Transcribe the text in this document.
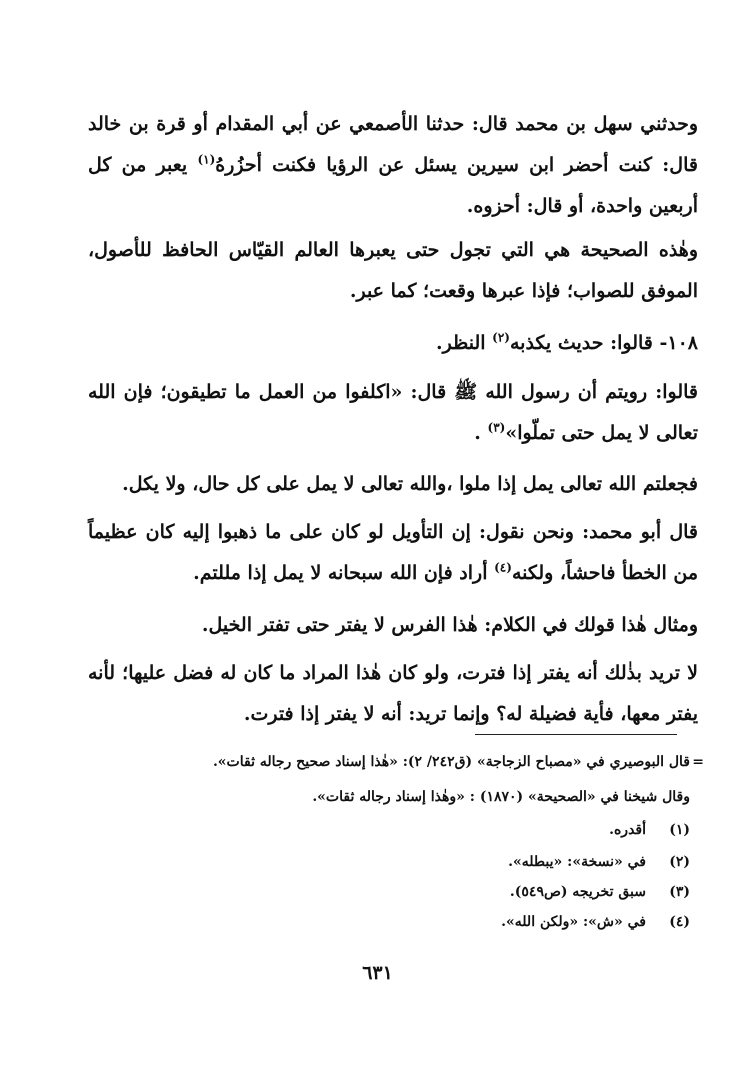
وحدثني سهل بن محمد قال: حدثنا الأصمعي عن أبي المقدام أو قرة بن خالد قال: كنت أحضر ابن سيرين يسئل عن الرؤيا فكنت أحزُرهُ$^{(١)}$ يعبر من كل أربعين واحدة، أو قال: أحزوه.
وهٰذه الصحيحة هي التي تجول حتى يعبرها العالم القيّاس الحافظ للأصول، الموفق للصواب؛ فإذا عبرها وقعت؛ كما عبر.
١٠٨- قالوا: حديث يكذبه$^{(٢)}$ النظر.
قالوا: رويتم أن رسول الله ﷺ قال: «اكلفوا من العمل ما تطيقون؛ فإن الله تعالى لا يمل حتى تملّوا»$^{(٣)}$ .
فجعلتم الله تعالى يمل إذا ملوا ،والله تعالى لا يمل على كل حال، ولا يكل.
قال أبو محمد: ونحن نقول: إن التأويل لو كان على ما ذهبوا إليه كان عظيماً من الخطأ فاحشاً، ولكنه$^{(٤)}$ أراد فإن الله سبحانه لا يمل إذا مللتم.
ومثال هٰذا قولك في الكلام: هٰذا الفرس لا يفتر حتى تفتر الخيل.
لا تريد بذٰلك أنه يفتر إذا فترت، ولو كان هٰذا المراد ما كان له فضل عليها؛ لأنه يفتر معها، فأية فضيلة له؟ وإنما تريد: أنه لا يفتر إذا فترت.
=
قال البوصيري في «مصباح الزجاجة» (ق٢٤٢/ ٢): «هٰذا إسناد صحيح رجاله ثقات».
وقال شيخنا في «الصحيحة» (١٨٧٠) : «وهٰذا إسناد رجاله ثقات».
(١)أقدره.
(٢)في «نسخة»: «يبطله».
(٣)سبق تخريجه (ص٥٤٩).
(٤)في «ش»: «ولكن الله».
٦٣١
